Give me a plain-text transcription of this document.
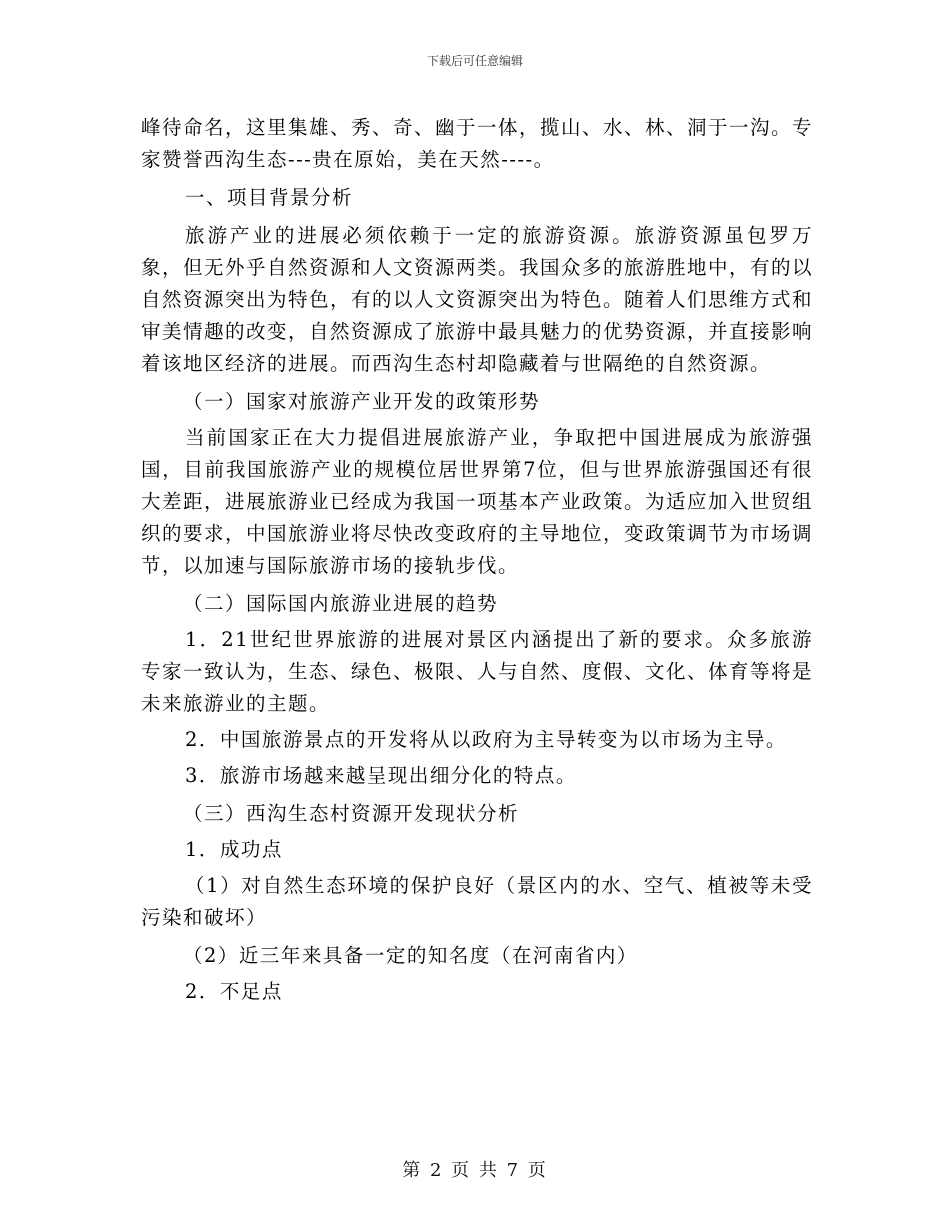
下载后可任意编辑

峰待命名，这里集雄、秀、奇、幽于一体，揽山、水、林、洞于一沟。专家赞誉西沟生态---贵在原始，美在天然----。

一、项目背景分析

旅游产业的进展必须依赖于一定的旅游资源。旅游资源虽包罗万象，但无外乎自然资源和人文资源两类。我国众多的旅游胜地中，有的以自然资源突出为特色，有的以人文资源突出为特色。随着人们思维方式和审美情趣的改变，自然资源成了旅游中最具魅力的优势资源，并直接影响着该地区经济的进展。而西沟生态村却隐藏着与世隔绝的自然资源。

（一）国家对旅游产业开发的政策形势

当前国家正在大力提倡进展旅游产业，争取把中国进展成为旅游强国，目前我国旅游产业的规模位居世界第7位，但与世界旅游强国还有很大差距，进展旅游业已经成为我国一项基本产业政策。为适应加入世贸组织的要求，中国旅游业将尽快改变政府的主导地位，变政策调节为市场调节，以加速与国际旅游市场的接轨步伐。

（二）国际国内旅游业进展的趋势

1．21世纪世界旅游的进展对景区内涵提出了新的要求。众多旅游专家一致认为，生态、绿色、极限、人与自然、度假、文化、体育等将是未来旅游业的主题。

2．中国旅游景点的开发将从以政府为主导转变为以市场为主导。

3．旅游市场越来越呈现出细分化的特点。

（三）西沟生态村资源开发现状分析

1．成功点

（1）对自然生态环境的保护良好（景区内的水、空气、植被等未受污染和破坏）

（2）近三年来具备一定的知名度（在河南省内）

2．不足点

第 2 页 共 7 页
